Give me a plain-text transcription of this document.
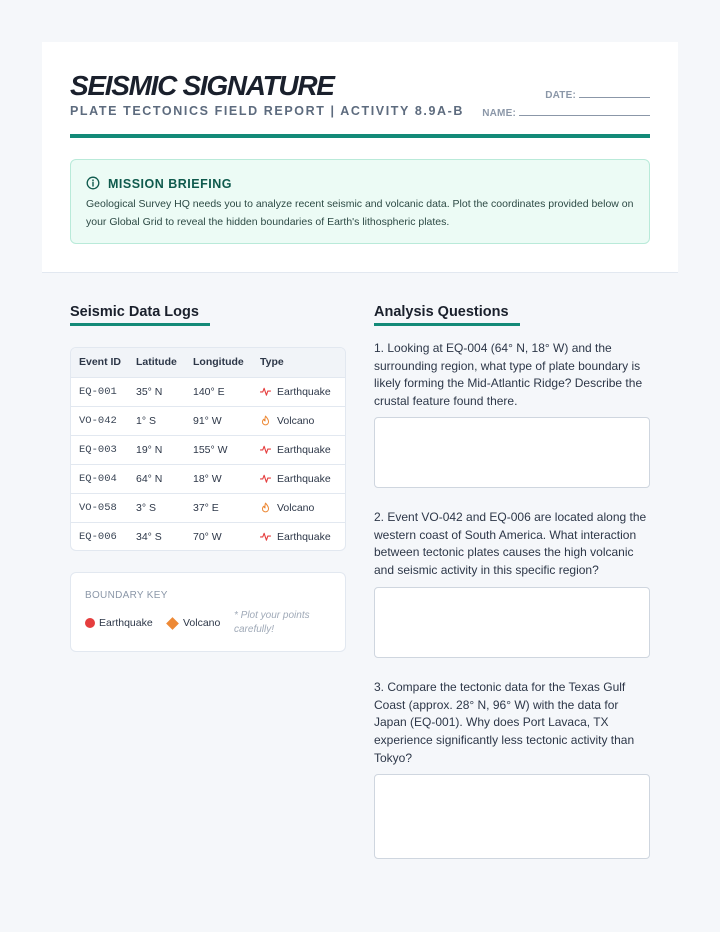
SEISMIC SIGNATURE
PLATE TECTONICS FIELD REPORT | ACTIVITY 8.9A-B
DATE:
NAME:
MISSION BRIEFING
Geological Survey HQ needs you to analyze recent seismic and volcanic data. Plot the coordinates provided below on your Global Grid to reveal the hidden boundaries of Earth's lithospheric plates.
Seismic Data Logs
Event ID	Latitude	Longitude	Type
EQ-001	35° N	140° E	Earthquake

VO-042	1° S	91° W	Volcano

EQ-003	19° N	155° W	Earthquake

EQ-004	64° N	18° W	Earthquake

VO-058	3° S	37° E	Volcano

EQ-006	34° S	70° W	Earthquake
BOUNDARY KEY
Earthquake	Volcano
* Plot your points carefully!
Analysis Questions
1. Looking at EQ-004 (64° N, 18° W) and the surrounding region, what type of plate boundary is likely forming the Mid-Atlantic Ridge? Describe the crustal feature found there.
2. Event VO-042 and EQ-006 are located along the western coast of South America. What interaction between tectonic plates causes the high volcanic and seismic activity in this specific region?
3. Compare the tectonic data for the Texas Gulf Coast (approx. 28° N, 96° W) with the data for Japan (EQ-001). Why does Port Lavaca, TX experience significantly less tectonic activity than Tokyo?
